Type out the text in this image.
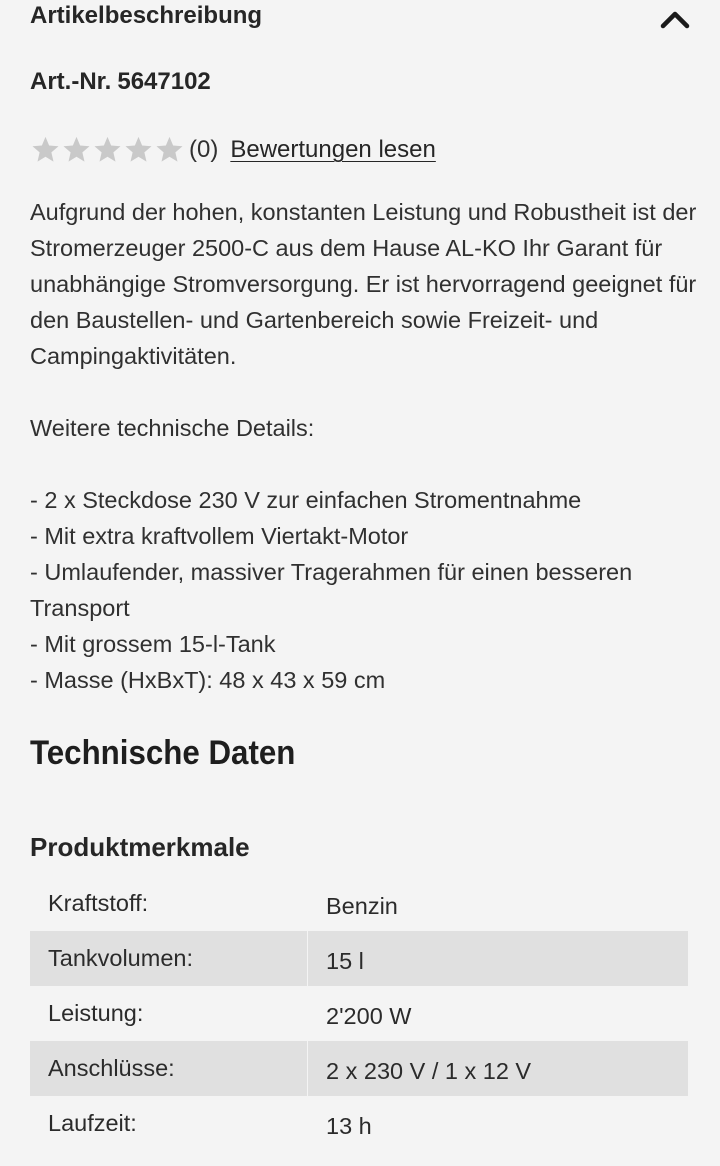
Artikelbeschreibung
Art.-Nr. 5647102
(0) Bewertungen lesen

Aufgrund der hohen, konstanten Leistung und Robustheit ist der Stromerzeuger 2500-C aus dem Hause AL-KO Ihr Garant für unabhängige Stromversorgung. Er ist hervorragend geeignet für den Baustellen- und Gartenbereich sowie Freizeit- und Campingaktivitäten.

Weitere technische Details:
- 2 x Steckdose 230 V zur einfachen Stromentnahme
- Mit extra kraftvollem Viertakt-Motor
- Umlaufender, massiver Tragerahmen für einen besseren Transport
- Mit grossem 15-l-Tank
- Masse (HxBxT): 48 x 43 x 59 cm
Technische Daten
Produktmerkmale
Kraftstoff:	Benzin
Tankvolumen:	15 l
Leistung:	2'200 W
Anschlüsse:	2 x 230 V / 1 x 12 V
Laufzeit:	13 h
